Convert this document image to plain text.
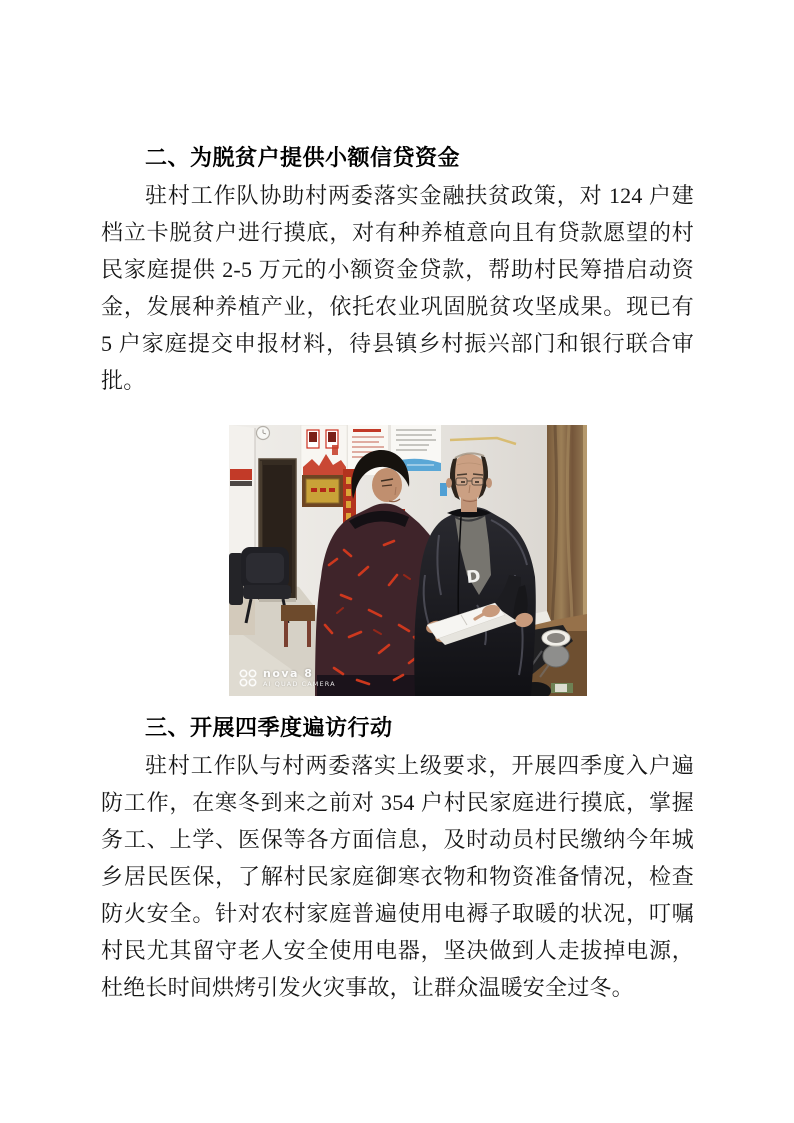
二、为脱贫户提供小额信贷资金

驻村工作队协助村两委落实金融扶贫政策，对 124 户建档立卡脱贫户进行摸底，对有种养植意向且有贷款愿望的村民家庭提供 2-5 万元的小额资金贷款，帮助村民筹措启动资金，发展种养植产业，依托农业巩固脱贫攻坚成果。现已有 5 户家庭提交申报材料，待县镇乡村振兴部门和银行联合审批。

D
nova 8
AI QUAD CAMERA
三、开展四季度遍访行动

驻村工作队与村两委落实上级要求，开展四季度入户遍防工作，在寒冬到来之前对 354 户村民家庭进行摸底，掌握务工、上学、医保等各方面信息，及时动员村民缴纳今年城乡居民医保，了解村民家庭御寒衣物和物资准备情况，检查防火安全。针对农村家庭普遍使用电褥子取暖的状况，叮嘱村民尤其留守老人安全使用电器，坚决做到人走拔掉电源，杜绝长时间烘烤引发火灾事故，让群众温暖安全过冬。
